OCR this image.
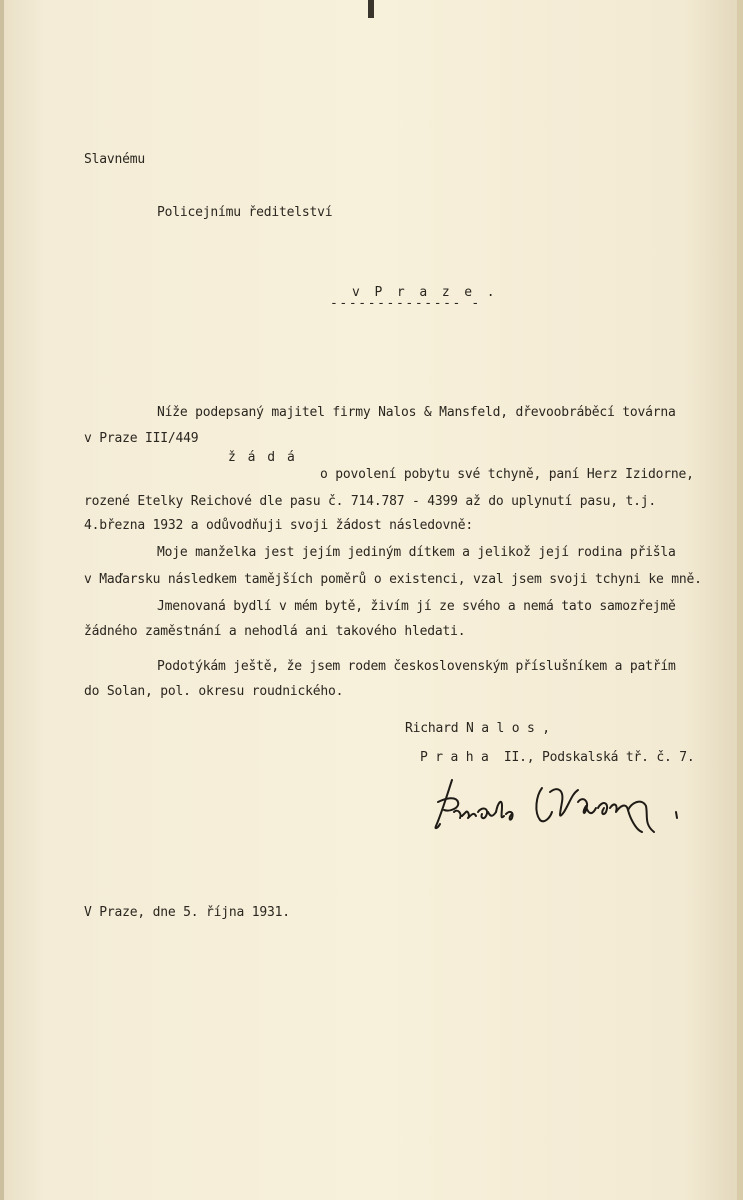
Slavnému
Policejnímu ředitelství
v P r a z e .
-------------- -
Níže podepsaný majitel firmy Nalos & Mansfeld, dřevoobráběcí továrna
v Praze III/449
ž á d á
o povolení pobytu své tchyně, paní Herz Izidorne,
rozené Etelky Reichové dle pasu č. 714.787 - 4399 až do uplynutí pasu, t.j.
4.března 1932 a odůvodňuji svoji žádost následovně:
Moje manželka jest jejím jediným dítkem a jelikož její rodina přišla
v Maďarsku následkem tamějších poměrů o existenci, vzal jsem svoji tchyni ke mně.
Jmenovaná bydlí v mém bytě, živím jí ze svého a nemá tato samozřejmě
žádného zaměstnání a nehodlá ani takového hledati.
Podotýkám ještě, že jsem rodem československým příslušníkem a patřím
do Solan, pol. okresu roudnického.
Richard N a l o s ,
P r a h a  II., Podskalská tř. č. 7.
V Praze, dne 5. října 1931.
